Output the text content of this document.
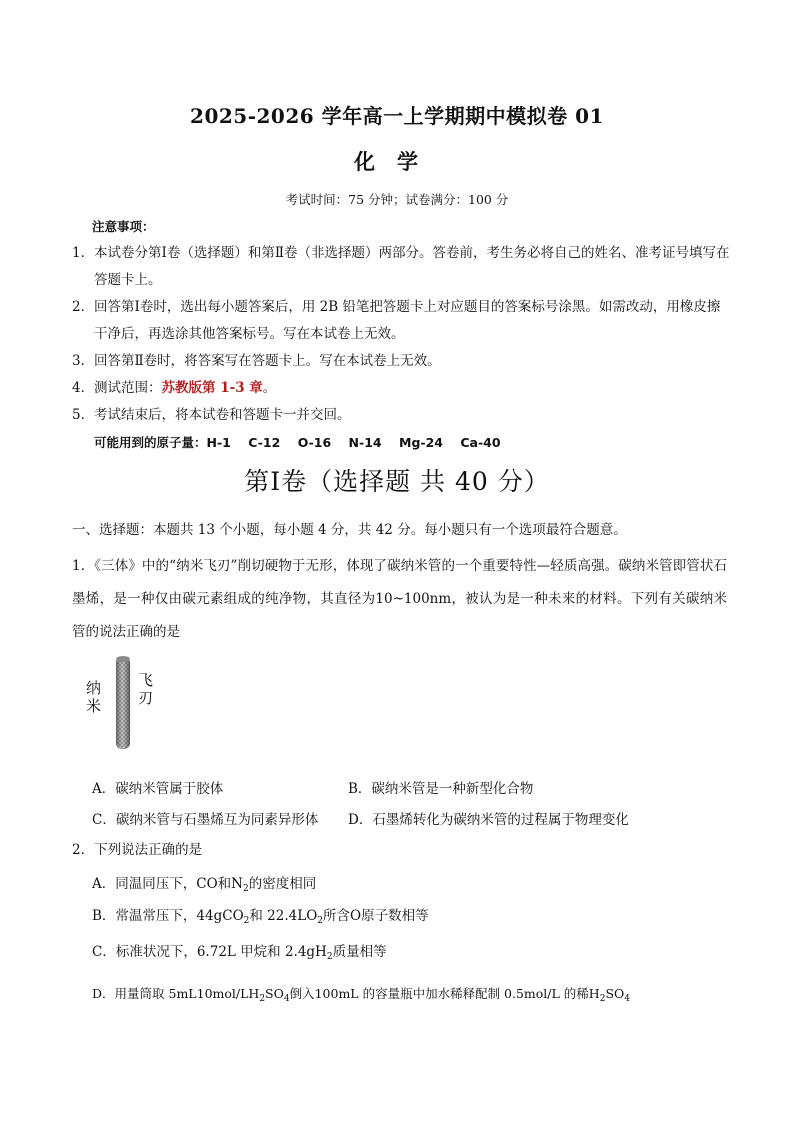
2025-2026 学年高一上学期期中模拟卷 01
化学
考试时间：75 分钟；试卷满分：100 分
注意事项：
1． 本试卷分第Ⅰ卷（选择题）和第Ⅱ卷（非选择题）两部分。答卷前，考生务必将自己的姓名、准考证号填写在答题卡上。
2． 回答第Ⅰ卷时，选出每小题答案后，用 2B 铅笔把答题卡上对应题目的答案标号涂黑。如需改动，用橡皮擦干净后，再选涂其他答案标号。写在本试卷上无效。
3． 回答第Ⅱ卷时，将答案写在答题卡上。写在本试卷上无效。
4． 测试范围：苏教版第 1-3 章。
5． 考试结束后，将本试卷和答题卡一并交回。
可能用到的原子量：H-1    C-12    O-16    N-14    Mg-24    Ca-40
第Ⅰ卷（选择题 共 40 分）
一、选择题：本题共 13 个小题，每小题 4 分，共 42 分。每小题只有一个选项最符合题意。
1．《三体》中的“纳米飞刃”削切硬物于无形，体现了碳纳米管的一个重要特性—轻质高强。碳纳米管即管状石墨烯，是一种仅由碳元素组成的纯净物，其直径为10~100nm，被认为是一种未来的材料。下列有关碳纳米管的说法正确的是
纳
米
飞
刃
A．碳纳米管属于胶体	B．碳纳米管是一种新型化合物
C．碳纳米管与石墨烯互为同素异形体 D．石墨烯转化为碳纳米管的过程属于物理变化
2．下列说法正确的是
A．同温同压下，CO和$N_2$的密度相同
B．常温常压下，44gCO$_2$和 $22.4LO_2$所含O原子数相等
C．标准状况下，6.72L 甲烷和 $2.4gH_2$质量相等
D．用量筒取 $5mL10mol/LH_2SO_4$倒入100mL 的容量瓶中加水稀释配制 0.5mol/L 的稀$H_2SO_4$
